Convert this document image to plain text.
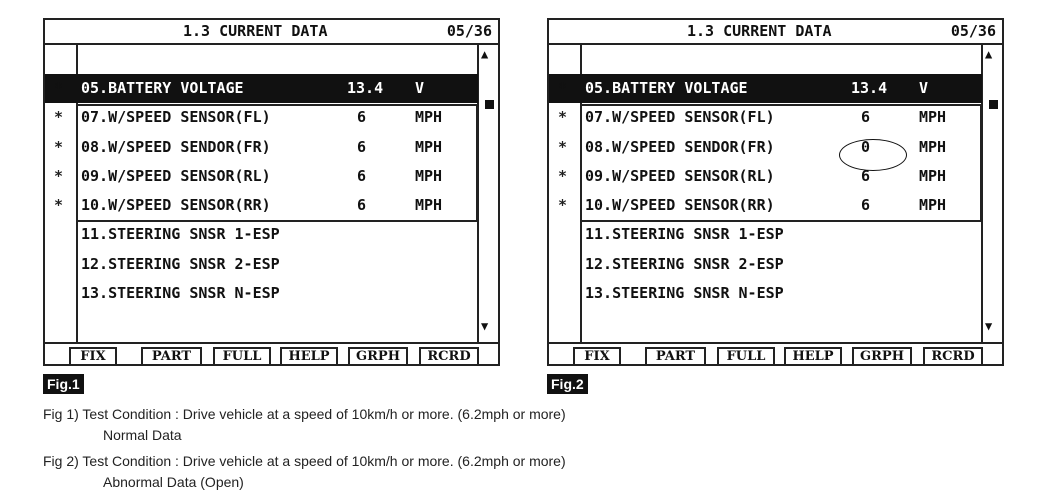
1.3 CURRENT DATA	05/36
▲
▼
* 05.BATTERY VOLTAGE	13.4 V
* 07.W/SPEED SENSOR(FL)	6	MPH
* 08.W/SPEED SENDOR(FR)	6	MPH
* 09.W/SPEED SENSOR(RL)	6	MPH
* 10.W/SPEED SENSOR(RR)	6	MPH
11.STEERING SNSR 1-ESP
12.STEERING SNSR 2-ESP
13.STEERING SNSR N-ESP
FIX	PART	FULL	HELP	GRPH	RCRD
1.3 CURRENT DATA	05/36
▲
▼
* 05.BATTERY VOLTAGE	13.4 V
* 07.W/SPEED SENSOR(FL)	6	MPH
* 08.W/SPEED SENDOR(FR)	0	MPH
* 09.W/SPEED SENSOR(RL)	6	MPH
* 10.W/SPEED SENSOR(RR)	6	MPH
11.STEERING SNSR 1-ESP
12.STEERING SNSR 2-ESP
13.STEERING SNSR N-ESP
FIX	PART	FULL	HELP	GRPH	RCRD
Fig.1	Fig.2
Fig 1) Test Condition : Drive vehicle at a speed of 10km/h or more. (6.2mph or more)
Normal Data
Fig 2) Test Condition : Drive vehicle at a speed of 10km/h or more. (6.2mph or more)
Abnormal Data (Open)
